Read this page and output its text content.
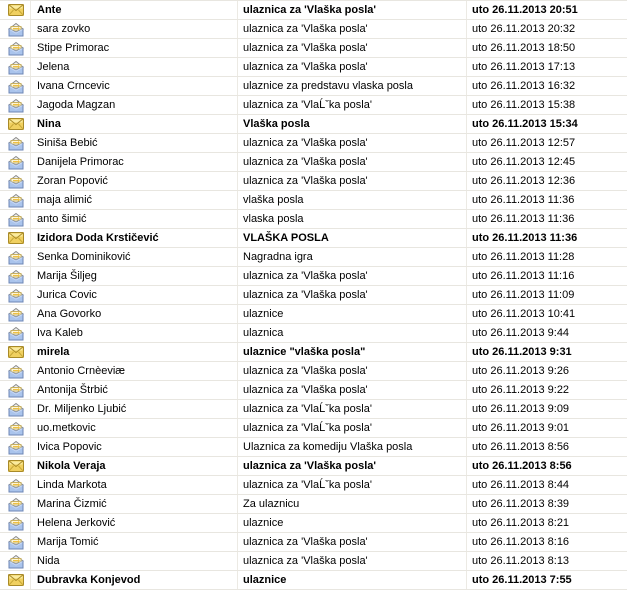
Ante	ulaznica za 'Vlaška posla'	uto 26.11.2013 20:51
sara zovko	ulaznica za 'Vlaška posla'	uto 26.11.2013 20:32
Stipe Primorac	ulaznica za 'Vlaška posla'	uto 26.11.2013 18:50
Jelena	ulaznica za 'Vlaška posla'	uto 26.11.2013 17:13
Ivana Crncevic	ulaznice za predstavu vlaska posla	uto 26.11.2013 16:32
Jagoda Magzan	ulaznica za 'VlaĹˇka posla'	uto 26.11.2013 15:38
Nina	Vlaška posla	uto 26.11.2013 15:34
Siniša Bebić	ulaznica za 'Vlaška posla'	uto 26.11.2013 12:57
Danijela Primorac	ulaznica za 'Vlaška posla'	uto 26.11.2013 12:45
Zoran Popović	ulaznica za 'Vlaška posla'	uto 26.11.2013 12:36
maja alimić	vlaška posla	uto 26.11.2013 11:36
anto šimić	vlaska posla	uto 26.11.2013 11:36
Izidora Doda Krstičević	VLAŠKA POSLA	uto 26.11.2013 11:36
Senka Dominiković	Nagradna igra	uto 26.11.2013 11:28
Marija Šiljeg	ulaznica za 'Vlaška posla'	uto 26.11.2013 11:16
Jurica Covic	ulaznica za 'Vlaška posla'	uto 26.11.2013 11:09
Ana Govorko	ulaznice	uto 26.11.2013 10:41
Iva Kaleb	ulaznica	uto 26.11.2013 9:44
mirela	ulaznice "vlaška posla"	uto 26.11.2013 9:31
Antonio Crnèeviæ	ulaznica za 'Vlaška posla'	uto 26.11.2013 9:26
Antonija Štrbić	ulaznica za 'Vlaška posla'	uto 26.11.2013 9:22
Dr. Miljenko Ljubić	ulaznica za 'VlaĹˇka posla'	uto 26.11.2013 9:09
uo.metkovic	ulaznica za 'VlaĹˇka posla'	uto 26.11.2013 9:01
Ivica Popovic	Ulaznica za komediju Vlaška posla	uto 26.11.2013 8:56
Nikola Veraja	ulaznica za 'Vlaška posla'	uto 26.11.2013 8:56
Linda Markota	ulaznica za 'VlaĹˇka posla'	uto 26.11.2013 8:44
Marina Čizmić	Za ulaznicu	uto 26.11.2013 8:39
Helena Jerković	ulaznice	uto 26.11.2013 8:21
Marija Tomić	ulaznica za 'Vlaška posla'	uto 26.11.2013 8:16
Nida	ulaznica za 'Vlaška posla'	uto 26.11.2013 8:13
Dubravka Konjevod	ulaznice	uto 26.11.2013 7:55
